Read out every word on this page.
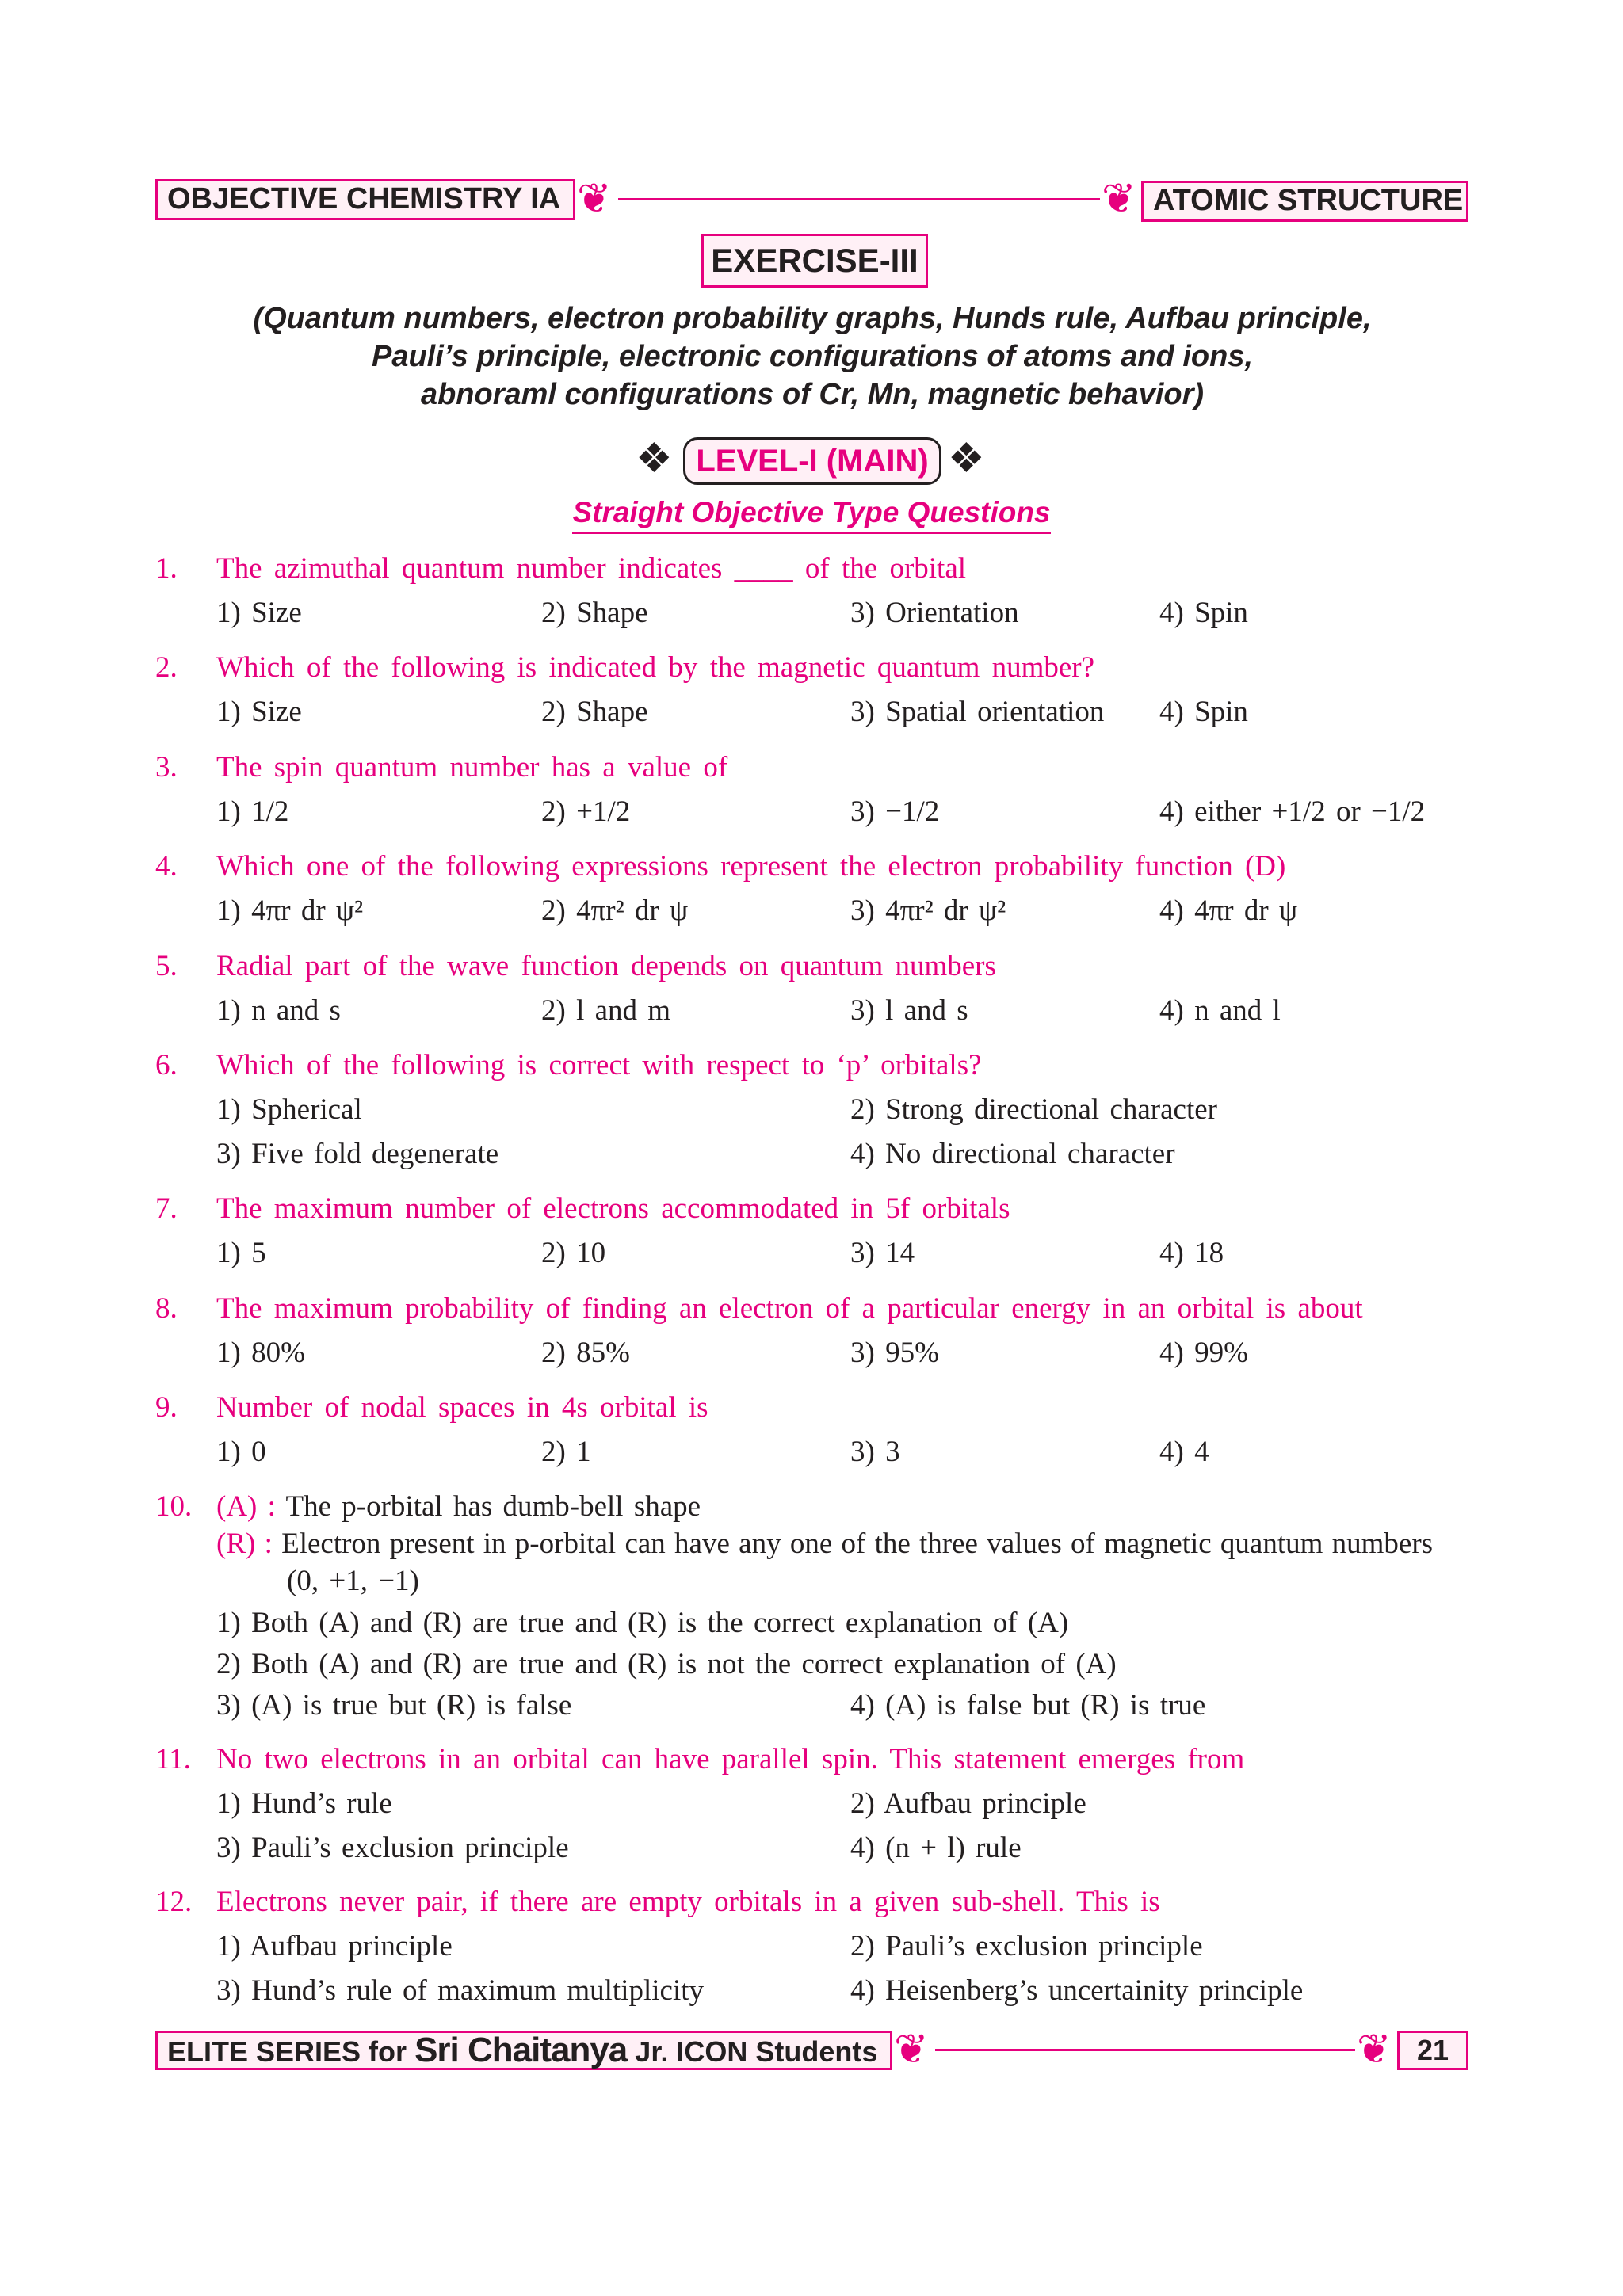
OBJECTIVE CHEMISTRY IA ❦	❦ ATOMIC STRUCTURE
EXERCISE-III
(Quantum numbers, electron probability graphs, Hunds rule, Aufbau principle,
Pauli’s principle, electronic configurations of atoms and ions,
abnoraml configurations of Cr, Mn, magnetic behavior)
❖ LEVEL-I (MAIN) ❖
Straight Objective Type Questions
1. The azimuthal quantum number indicates ____ of the orbital
1) Size	2) Shape	3) Orientation	4) Spin
2. Which of the following is indicated by the magnetic quantum number?
1) Size	2) Shape	3) Spatial orientation 4) Spin
3. The spin quantum number has a value of
1) 1/2	2) +1/2	3) −1/2	4) either +1/2 or −1/2
4. Which one of the following expressions represent the electron probability function (D)
1) 4πr dr ψ²	2) 4πr² dr ψ	3) 4πr² dr ψ²	4) 4πr dr ψ
5. Radial part of the wave function depends on quantum numbers
1) n and s	2) l and m	3) l and s	4) n and l
6. Which of the following is correct with respect to ‘p’ orbitals?
1) Spherical	2) Strong directional character
3) Five fold degenerate	4) No directional character
7. The maximum number of electrons accommodated in 5f orbitals
1) 5	2) 10	3) 14	4) 18
8. The maximum probability of finding an electron of a particular energy in an orbital is about
1) 80%	2) 85%	3) 95%	4) 99%
9. Number of nodal spaces in 4s orbital is
1) 0	2) 1	3) 3	4) 4
10. (A) : The p-orbital has dumb-bell shape
(R) : Electron present in p-orbital can have any one of the three values of magnetic quantum numbers
(0, +1, −1)
1) Both (A) and (R) are true and (R) is the correct explanation of (A)
2) Both (A) and (R) are true and (R) is not the correct explanation of (A)
3) (A) is true but (R) is false	4) (A) is false but (R) is true
11. No two electrons in an orbital can have parallel spin. This statement emerges from
1) Hund’s rule	2) Aufbau principle
3) Pauli’s exclusion principle	4) (n + l) rule
12. Electrons never pair, if there are empty orbitals in a given sub-shell. This is
1) Aufbau principle	2) Pauli’s exclusion principle
3) Hund’s rule of maximum multiplicity	4) Heisenberg’s uncertainity principle
ELITE SERIES for Sri Chaitanya Jr. ICON Students ❦	❦ 21
